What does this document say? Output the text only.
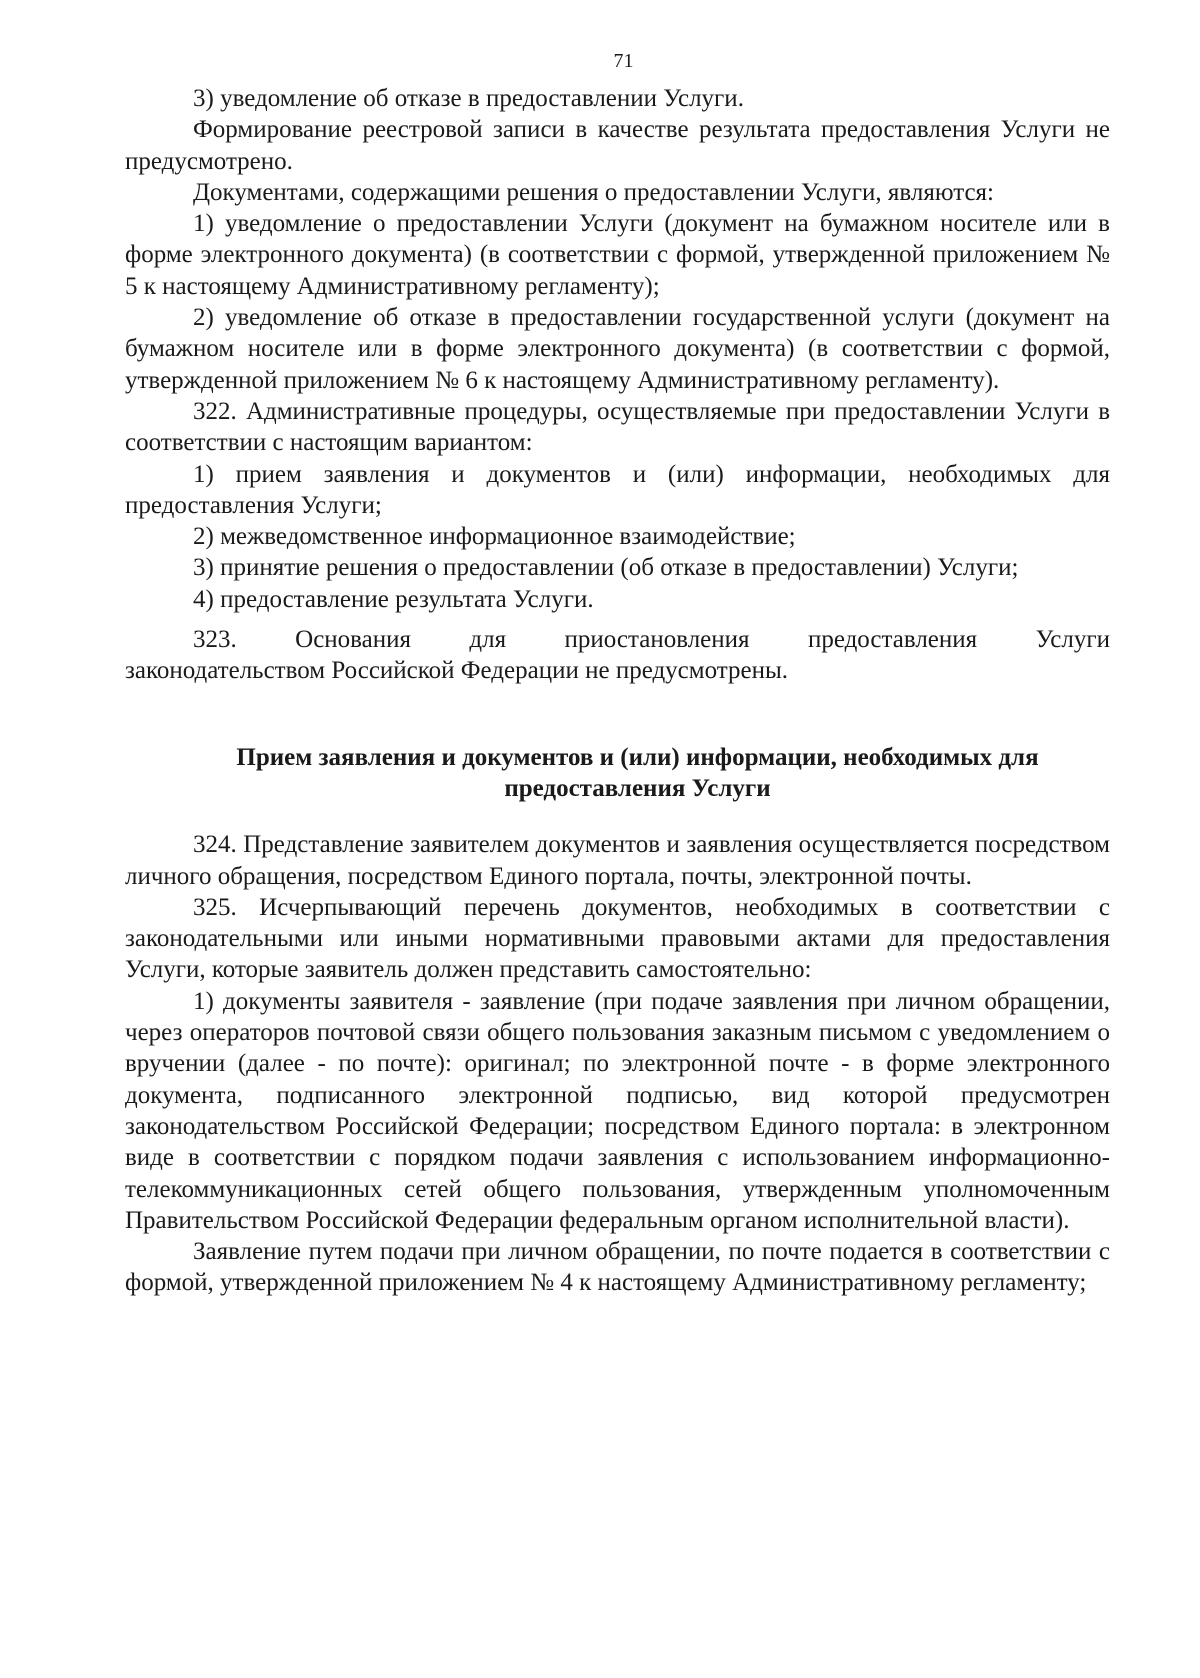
71

3) уведомление об отказе в предоставлении Услуги.

Формирование реестровой записи в качестве результата предоставления Услуги не предусмотрено.

Документами, содержащими решения о предоставлении Услуги, являются:

1) уведомление о предоставлении Услуги (документ на бумажном носителе или в форме электронного документа) (в соответствии с формой, утвержденной приложением № 5 к настоящему Административному регламенту);

2) уведомление об отказе в предоставлении государственной услуги (документ на бумажном носителе или в форме электронного документа) (в соответствии с формой, утвержденной приложением № 6 к настоящему Административному регламенту).

322. Административные процедуры, осуществляемые при предоставлении Услуги в соответствии с настоящим вариантом:

1) прием заявления и документов и (или) информации, необходимых для предоставления Услуги;

2) межведомственное информационное взаимодействие;

3) принятие решения о предоставлении (об отказе в предоставлении) Услуги;

4) предоставление результата Услуги.

323. Основания для приостановления предоставления Услуги

законодательством Российской Федерации не предусмотрены.

Прием заявления и документов и (или) информации, необходимых для
предоставления Услуги

324. Представление заявителем документов и заявления осуществляется посредством личного обращения, посредством Единого портала, почты, электронной почты.

325. Исчерпывающий перечень документов, необходимых в соответствии с законодательными или иными нормативными правовыми актами для предоставления Услуги, которые заявитель должен представить самостоятельно:

1) документы заявителя - заявление (при подаче заявления при личном обращении, через операторов почтовой связи общего пользования заказным письмом с уведомлением о вручении (далее - по почте): оригинал; по электронной почте - в форме электронного документа, подписанного электронной подписью, вид которой предусмотрен законодательством Российской Федерации; посредством Единого портала: в электронном виде в соответствии с порядком подачи заявления с использованием информационно-телекоммуникационных сетей общего пользования, утвержденным уполномоченным Правительством Российской Федерации федеральным органом исполнительной власти).

Заявление путем подачи при личном обращении, по почте подается в соответствии с формой, утвержденной приложением № 4 к настоящему Административному регламенту;
